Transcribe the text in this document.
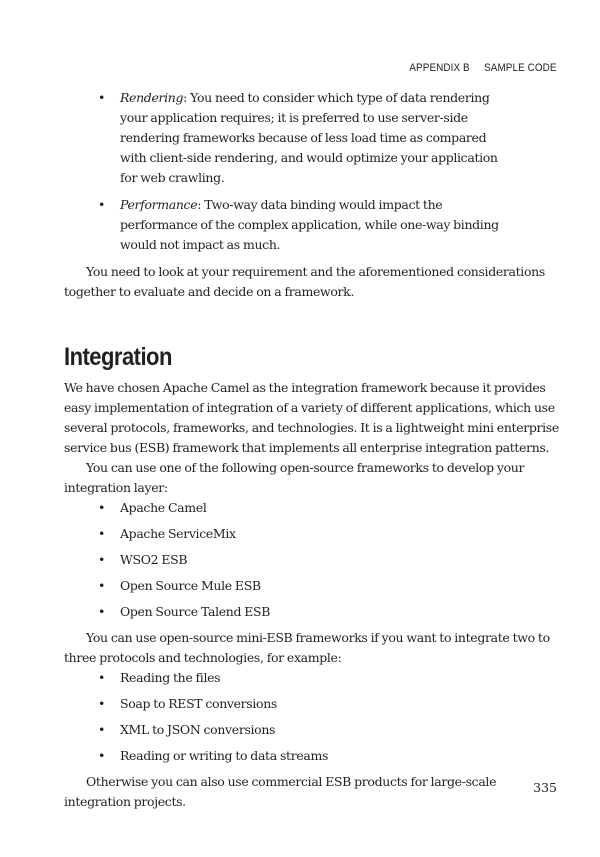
APPENDIX B SAMPLE CODE
• Rendering: You need to consider which type of data rendering your application requires; it is preferred to use server-side rendering frameworks because of less load time as compared with client-side rendering, and would optimize your application for web crawling.
• Performance: Two-way data binding would impact the performance of the complex application, while one-way binding would not impact as much.

You need to look at your requirement and the aforementioned considerations together to evaluate and decide on a framework.

Integration

We have chosen Apache Camel as the integration framework because it provides easy implementation of integration of a variety of different applications, which use several protocols, frameworks, and technologies. It is a lightweight mini enterprise service bus (ESB) framework that implements all enterprise integration patterns.

You can use one of the following open-source frameworks to develop your integration layer:

• Apache Camel
• Apache ServiceMix
• WSO2 ESB
• Open Source Mule ESB
• Open Source Talend ESB

You can use open-source mini-ESB frameworks if you want to integrate two to three protocols and technologies, for example:

• Reading the files
• Soap to REST conversions
• XML to JSON conversions
• Reading or writing to data streams

Otherwise you can also use commercial ESB products for large-scale integration projects.

335
